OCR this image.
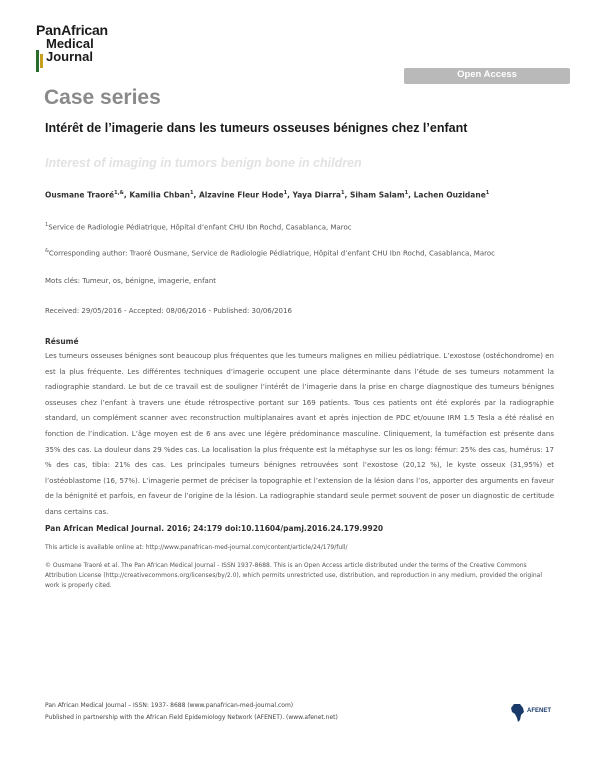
PanAfrican
Medical
Journal
Open Access
Case series
Intérêt de l’imagerie dans les tumeurs osseuses bénignes chez l’enfant
Interest of imaging in tumors benign bone in children
Ousmane Traoré$^{1,\&}$, Kamilia Chban$^1$, Alzavine Fleur Hode$^1$, Yaya Diarra$^1$, Siham Salam$^1$, Lachen Ouzidane$^1$
$^1$Service de Radiologie Pédiatrique, Hôpital d’enfant CHU Ibn Rochd, Casablanca, Maroc
&Corresponding author: Traoré Ousmane, Service de Radiologie Pédiatrique, Hôpital d’enfant CHU Ibn Rochd, Casablanca, Maroc
Mots clés: Tumeur, os, bénigne, imagerie, enfant
Received: 29/05/2016 - Accepted: 08/06/2016 - Published: 30/06/2016
Résumé

Les tumeurs osseuses bénignes sont beaucoup plus fréquentes que les tumeurs malignes en milieu pédiatrique. L’exostose (ostéchondrome) en est la plus fréquente. Les différentes techniques d’imagerie occupent une place déterminante dans l’étude de ses tumeurs notamment la radiographie standard. Le but de ce travail est de souligner l’intérêt de l’imagerie dans la prise en charge diagnostique des tumeurs bénignes osseuses chez l’enfant à travers une étude rétrospective portant sur 169 patients. Tous ces patients ont été explorés par la radiographie standard, un complément scanner avec reconstruction multiplanaires avant et après injection de PDC et/ouune IRM 1.5 Tesla a été réalisé en fonction de l’indication. L’âge moyen est de 6 ans avec une légère prédominance masculine. Cliniquement, la tuméfaction est présente dans 35% des cas. La douleur dans 29 %des cas. La localisation la plus fréquente est la métaphyse sur les os long: fémur: 25% des cas, humérus: 17 % des cas, tibia: 21% des cas. Les principales tumeurs bénignes retrouvées sont l’exostose (20,12 %), le kyste osseux (31,95%) et l’ostéoblastome (16, 57%). L’imagerie permet de préciser la topographie et l’extension de la lésion dans l’os, apporter des arguments en faveur de la bénignité et parfois, en faveur de l’origine de la lésion. La radiographie standard seule permet souvent de poser un diagnostic de certitude dans certains cas.

Pan African Medical Journal. 2016; 24:179 doi:10.11604/pamj.2016.24.179.9920
This article is available online at: http://www.panafrican-med-journal.com/content/article/24/179/full/

© Ousmane Traoré et al. The Pan African Medical Journal - ISSN 1937-8688. This is an Open Access article distributed under the terms of the Creative Commons Attribution License (http://creativecommons.org/licenses/by/2.0), which permits unrestricted use, distribution, and reproduction in any medium, provided the original work is properly cited.

Pan African Medical Journal – ISSN: 1937- 8688 (www.panafrican-med-journal.com)
Published in partnership with the African Field Epidemiology Network (AFENET). (www.afenet.net)
AFENET
